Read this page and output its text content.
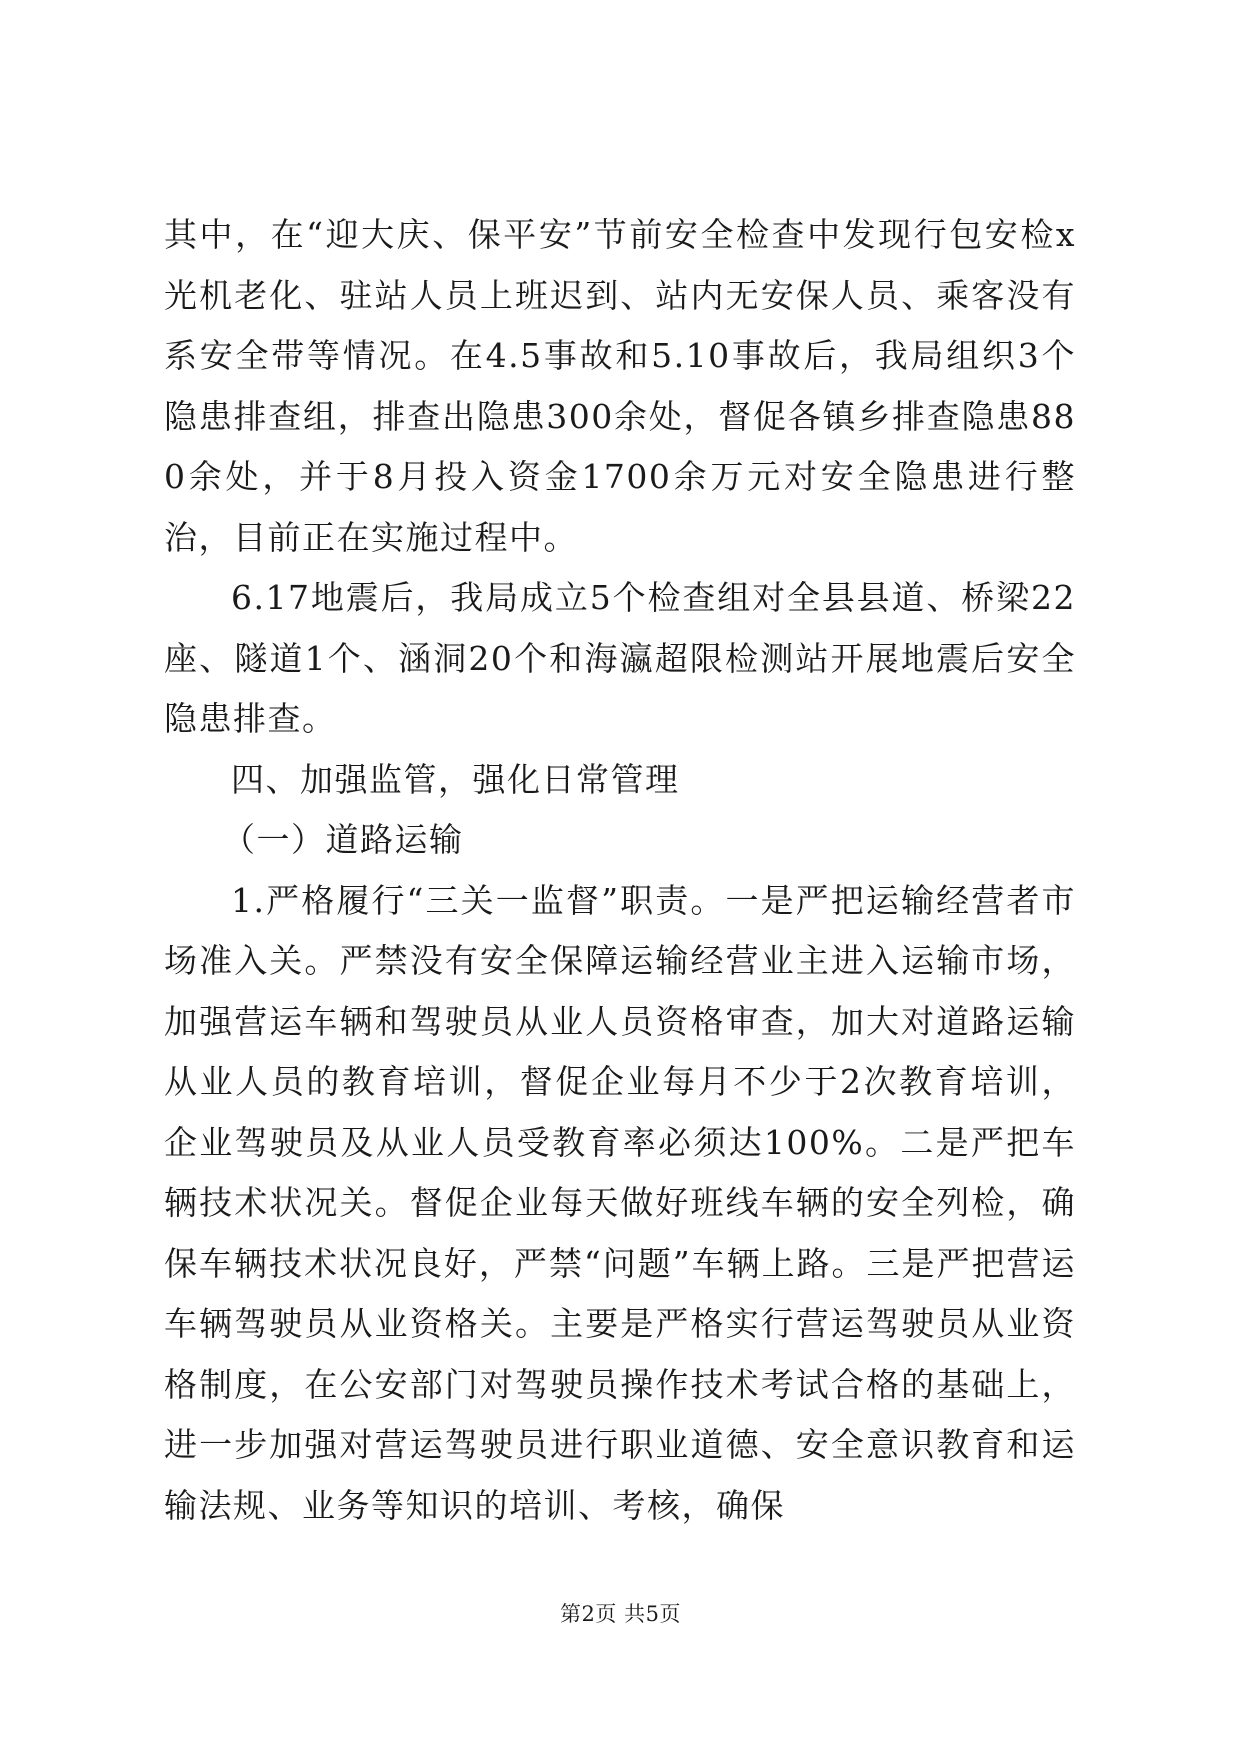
其中，在“迎大庆、保平安”节前安全检查中发现行包安检x光机老化、驻站人员上班迟到、站内无安保人员、乘客没有系安全带等情况。在4.5事故和5.10事故后，我局组织3个隐患排查组，排查出隐患300余处，督促各镇乡排查隐患880余处，并于8月投入资金1700余万元对安全隐患进行整治，目前正在实施过程中。

6.17地震后，我局成立5个检查组对全县县道、桥梁22座、隧道1个、涵洞20个和海瀛超限检测站开展地震后安全隐患排查。

四、加强监管，强化日常管理

（一）道路运输

1.严格履行“三关一监督”职责。一是严把运输经营者市场准入关。严禁没有安全保障运输经营业主进入运输市场，加强营运车辆和驾驶员从业人员资格审查，加大对道路运输从业人员的教育培训，督促企业每月不少于2次教育培训，企业驾驶员及从业人员受教育率必须达100%。二是严把车辆技术状况关。督促企业每天做好班线车辆的安全列检，确保车辆技术状况良好，严禁“问题”车辆上路。三是严把营运车辆驾驶员从业资格关。主要是严格实行营运驾驶员从业资格制度，在公安部门对驾驶员操作技术考试合格的基础上，进一步加强对营运驾驶员进行职业道德、安全意识教育和运输法规、业务等知识的培训、考核，确保

第2页 共5页
